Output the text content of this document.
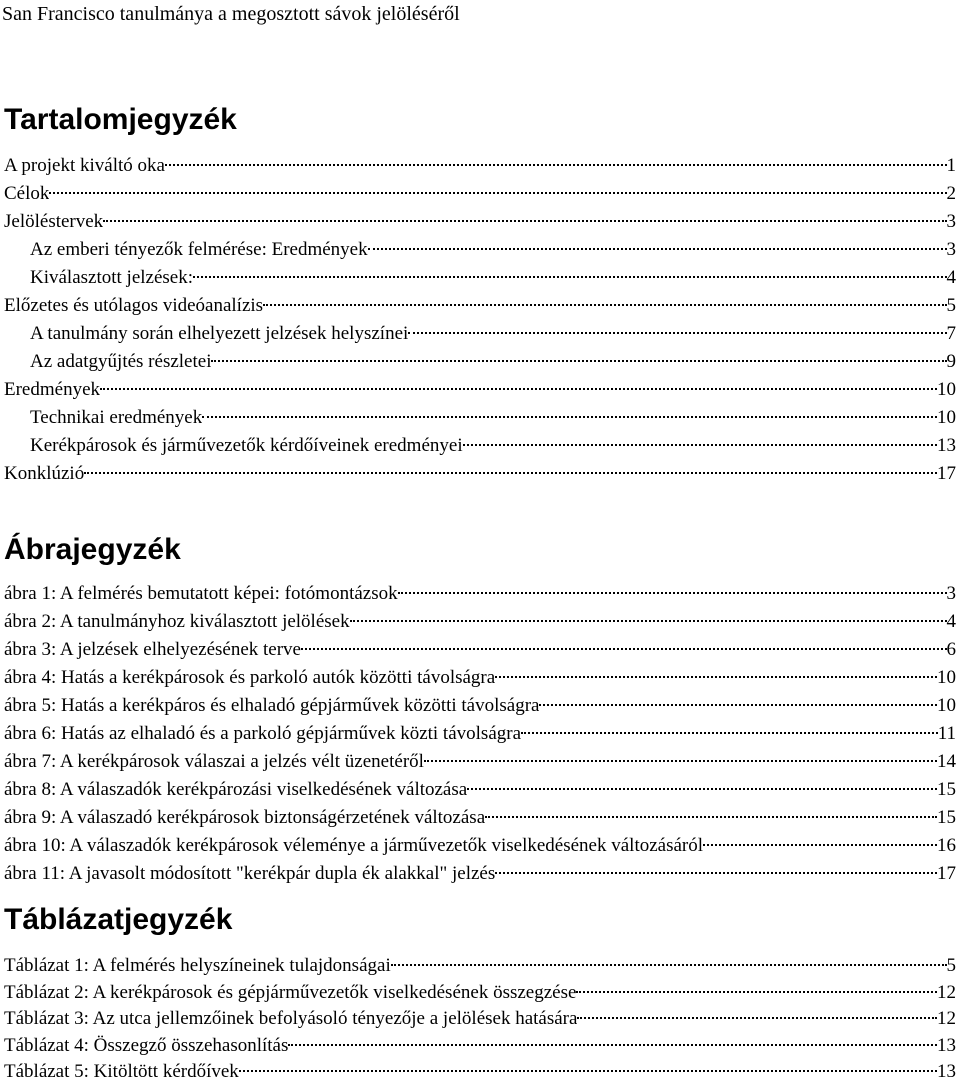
San Francisco tanulmánya a megosztott sávok jelöléséről
Tartalomjegyzék
A projekt kiváltó oka	1
Célok	2
Jelöléstervek	3
Az emberi tényezők felmérése: Eredmények	3
Kiválasztott jelzések:	4
Előzetes és utólagos videóanalízis	5
A tanulmány során elhelyezett jelzések helyszínei	7
Az adatgyűjtés részletei	9
Eredmények	10
Technikai eredmények	10
Kerékpárosok és járművezetők kérdőíveinek eredményei	13
Konklúzió	17
Ábrajegyzék
ábra 1: A felmérés bemutatott képei: fotómontázsok	3
ábra 2: A tanulmányhoz kiválasztott jelölések	4
ábra 3: A jelzések elhelyezésének terve	6
ábra 4: Hatás a kerékpárosok és parkoló autók közötti távolságra	10
ábra 5: Hatás a kerékpáros és elhaladó gépjárművek közötti távolságra	10
ábra 6: Hatás az elhaladó és a parkoló gépjárművek közti távolságra	11
ábra 7: A kerékpárosok válaszai a jelzés vélt üzenetéről	14
ábra 8: A válaszadók kerékpározási viselkedésének változása	15
ábra 9: A válaszadó kerékpárosok biztonságérzetének változása	15
ábra 10: A válaszadók kerékpárosok véleménye a járművezetők viselkedésének változásáról	16
ábra 11: A javasolt módosított "kerékpár dupla ék alakkal" jelzés	17
Táblázatjegyzék
Táblázat 1: A felmérés helyszíneinek tulajdonságai	5
Táblázat 2: A kerékpárosok és gépjárművezetők viselkedésének összegzése	12
Táblázat 3: Az utca jellemzőinek befolyásoló tényezője a jelölések hatására	12
Táblázat 4: Összegző összehasonlítás	13
Táblázat 5: Kitöltött kérdőívek	13
